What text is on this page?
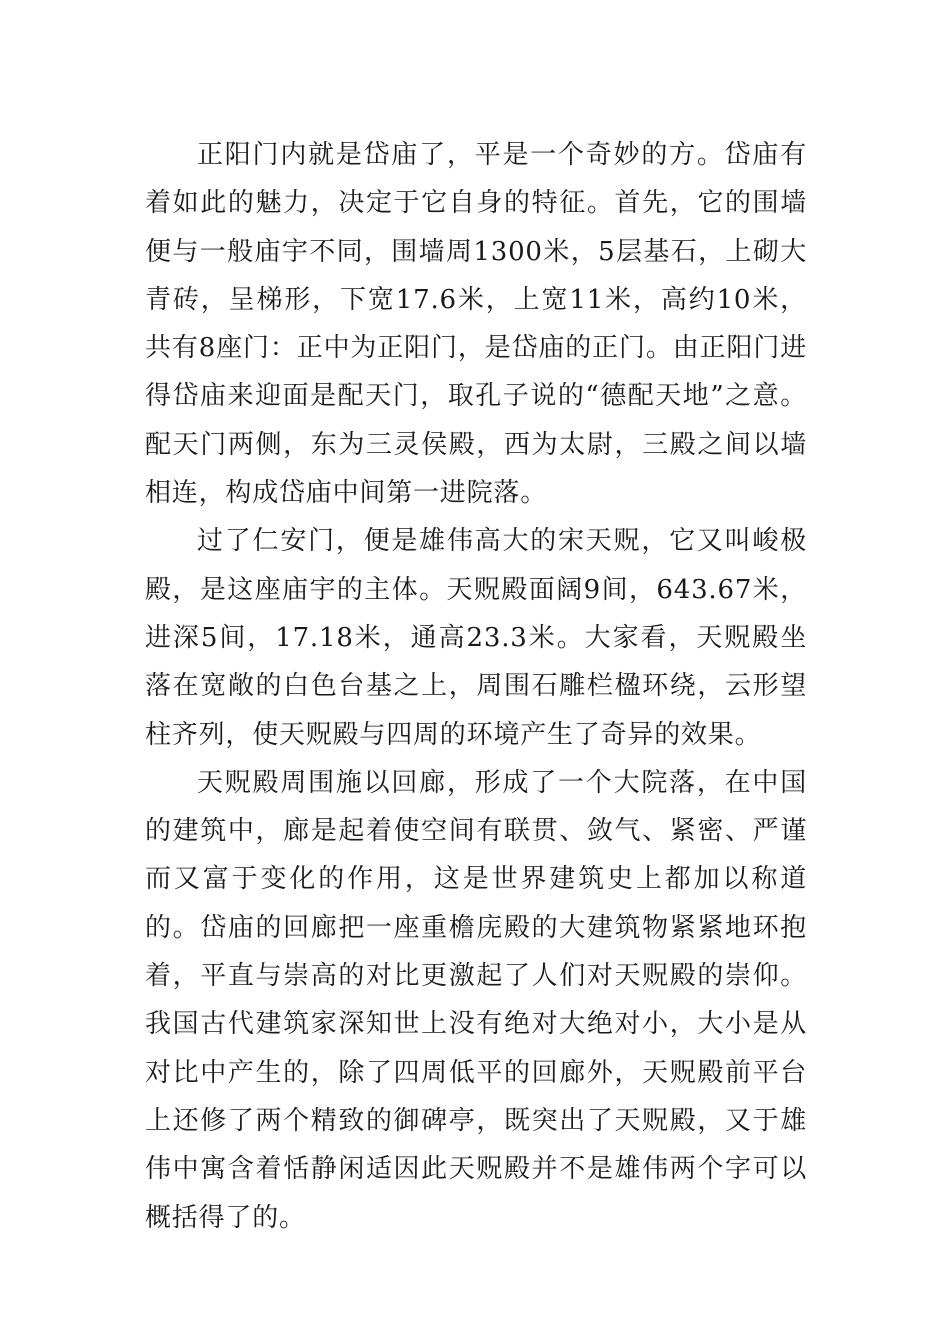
正阳门内就是岱庙了，平是一个奇妙的方。岱庙有着如此的魅力，决定于它自身的特征。首先，它的围墙便与一般庙宇不同，围墙周1300米，5层基石，上砌大青砖，呈梯形，下宽17.6米，上宽11米，高约10米，共有8座门：正中为正阳门，是岱庙的正门。由正阳门进得岱庙来迎面是配天门，取孔子说的“德配天地”之意。配天门两侧，东为三灵侯殿，西为太尉，三殿之间以墙相连，构成岱庙中间第一进院落。

过了仁安门，便是雄伟高大的宋天贶，它又叫峻极殿，是这座庙宇的主体。天贶殿面阔9间，643.67米，进深5间，17.18米，通高23.3米。大家看，天贶殿坐落在宽敞的白色台基之上，周围石雕栏楹环绕，云形望柱齐列，使天贶殿与四周的环境产生了奇异的效果。

天贶殿周围施以回廊，形成了一个大院落，在中国的建筑中，廊是起着使空间有联贯、敛气、紧密、严谨而又富于变化的作用，这是世界建筑史上都加以称道的。岱庙的回廊把一座重檐庑殿的大建筑物紧紧地环抱着，平直与崇高的对比更激起了人们对天贶殿的崇仰。我国古代建筑家深知世上没有绝对大绝对小，大小是从对比中产生的，除了四周低平的回廊外，天贶殿前平台上还修了两个精致的御碑亭，既突出了天贶殿，又于雄伟中寓含着恬静闲适因此天贶殿并不是雄伟两个字可以概括得了的。
